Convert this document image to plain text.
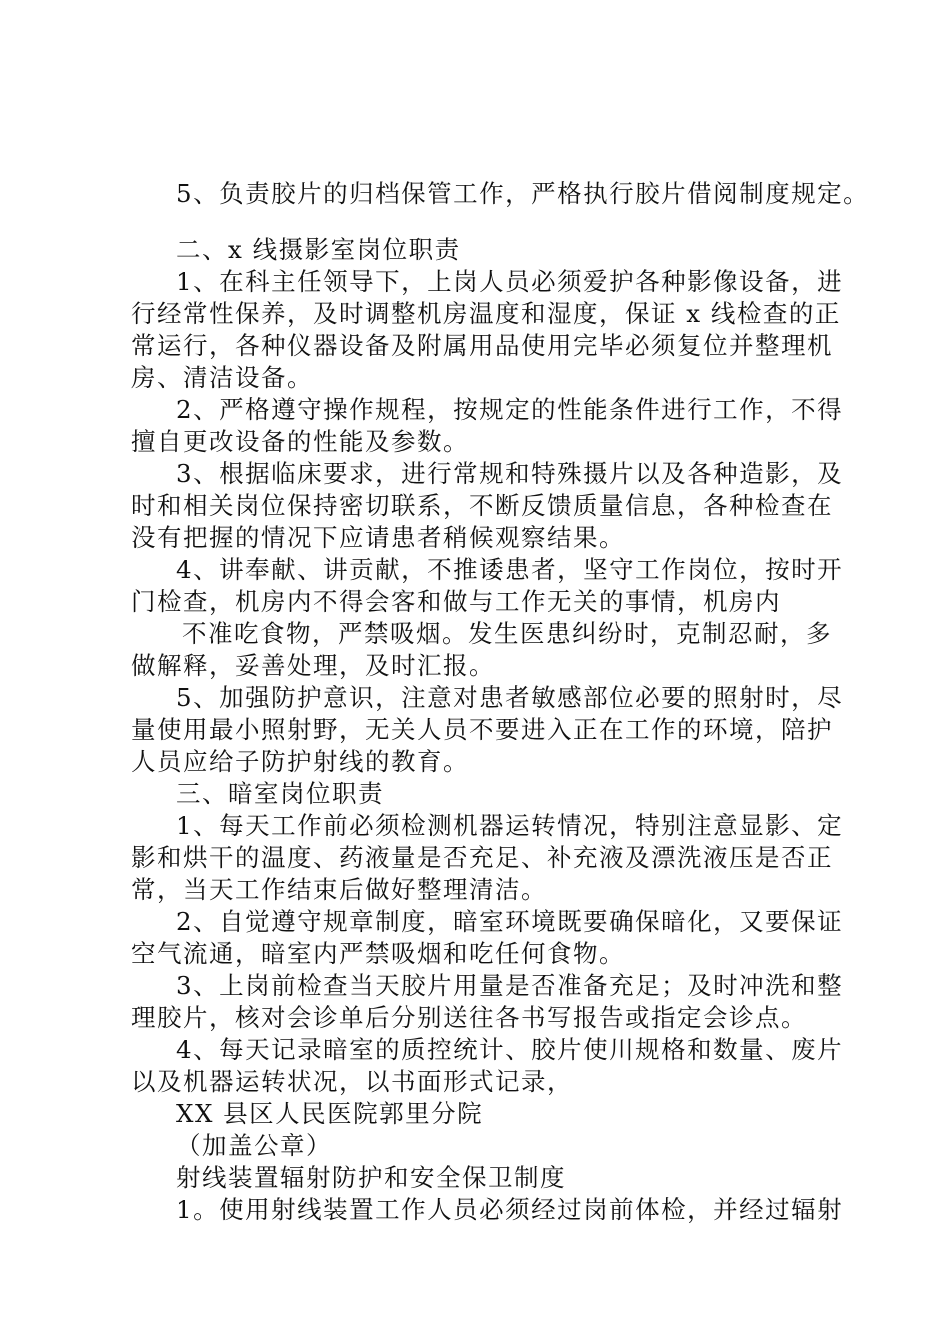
5、负责胶片的归档保管工作，严格执行胶片借阅制度规定。
二、x 线摄影室岗位职责
1、在科主任领导下，上岗人员必须爱护各种影像设备，进
行经常性保养，及时调整机房温度和湿度，保证 x 线检查的正
常运行，各种仪器设备及附属用品使用完毕必须复位并整理机
房、清洁设备。
2、严格遵守操作规程，按规定的性能条件进行工作，不得
擅自更改设备的性能及参数。
3、根据临床要求，进行常规和特殊摄片以及各种造影，及
时和相关岗位保持密切联系，不断反馈质量信息，各种检查在
没有把握的情况下应请患者稍候观察结果。
4、讲奉献、讲贡献，不推诿患者，坚守工作岗位，按时开
门检查，机房内不得会客和做与工作无关的事情，机房内
不准吃食物，严禁吸烟。发生医患纠纷时，克制忍耐，多
做解释，妥善处理，及时汇报。
5、加强防护意识，注意对患者敏感部位必要的照射时，尽
量使用最小照射野，无关人员不要进入正在工作的环境，陪护
人员应给子防护射线的教育。
三、暗室岗位职责
1、每天工作前必须检测机器运转情况，特别注意显影、定
影和烘干的温度、药液量是否充足、补充液及漂洗液压是否正
常，当天工作结束后做好整理清洁。
2、自觉遵守规章制度，暗室环境既要确保暗化，又要保证
空气流通，暗室内严禁吸烟和吃任何食物。
3、上岗前检查当天胶片用量是否准备充足；及时冲洗和整
理胶片，核对会诊单后分别送往各书写报告或指定会诊点。
4、每天记录暗室的质控统计、胶片使川规格和数量、废片
以及机器运转状况，以书面形式记录，
XX 县区人民医院郭里分院
（加盖公章）
射线装置辐射防护和安全保卫制度
1。使用射线装置工作人员必须经过岗前体检，并经过辐射
